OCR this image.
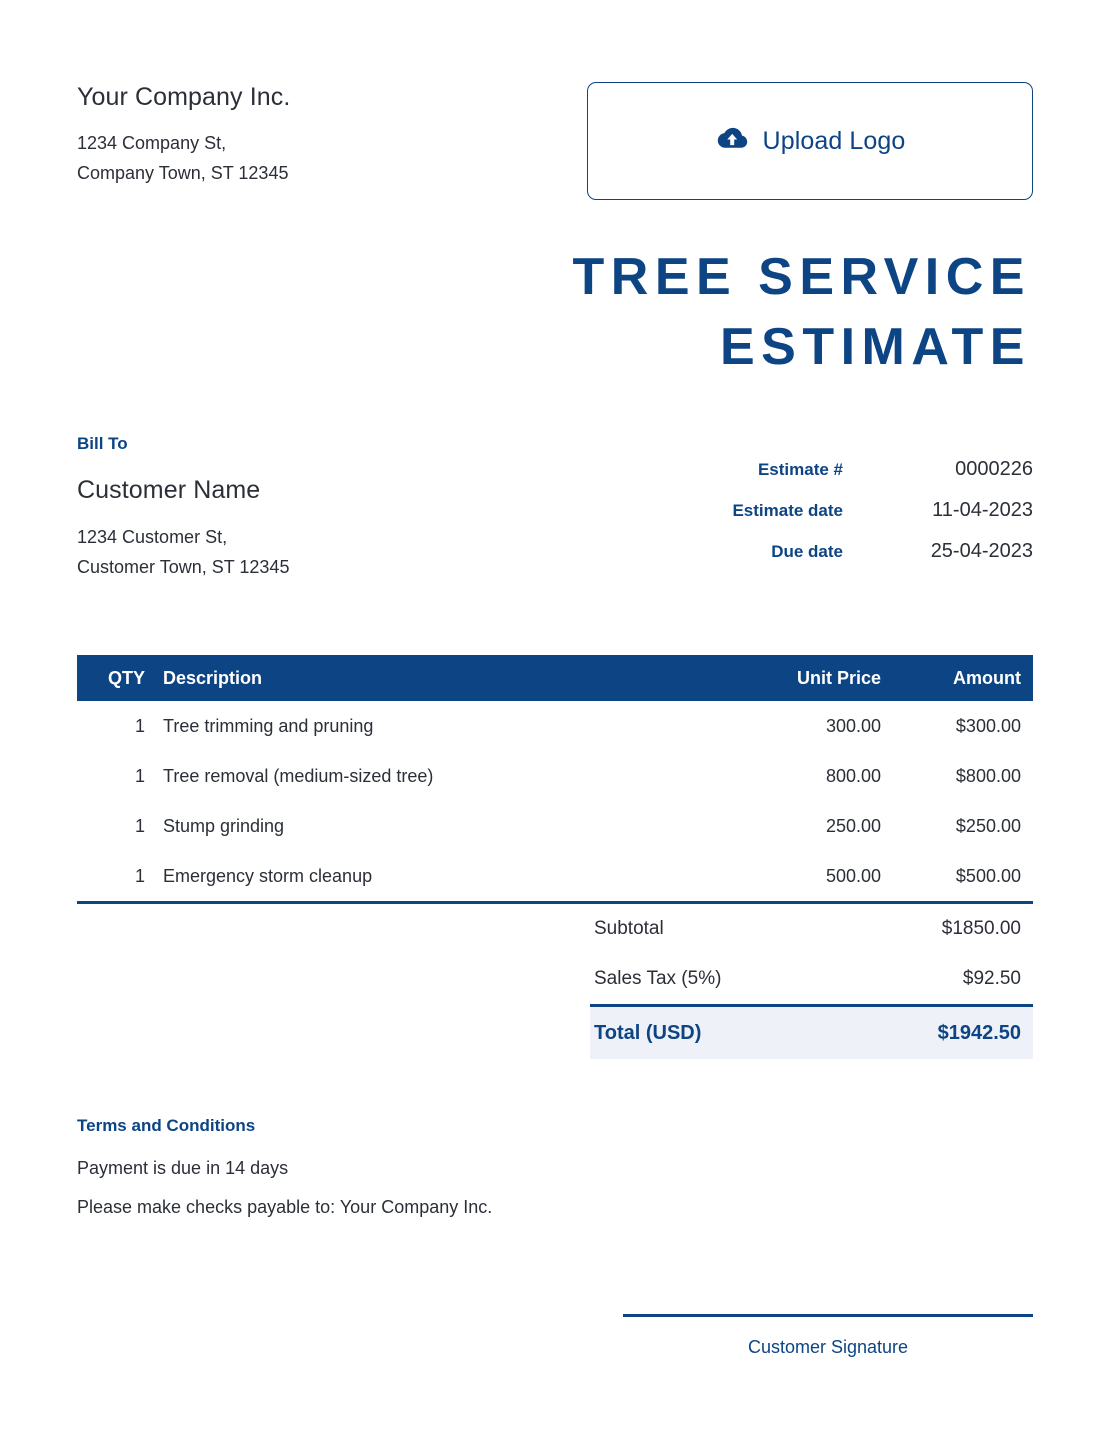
Your Company Inc.
1234 Company St,
Company Town, ST 12345
Upload Logo
TREE SERVICE
ESTIMATE
Bill To
Customer Name
1234 Customer St,
Customer Town, ST 12345
Estimate #	0000226
Estimate date	11-04-2023
Due date	25-04-2023
QTY	Description	Unit Price	Amount
1	Tree trimming and pruning	300.00	$300.00
1	Tree removal (medium-sized tree)	800.00	$800.00
1	Stump grinding	250.00	$250.00
1	Emergency storm cleanup	500.00	$500.00
Subtotal	$1850.00
Sales Tax (5%)	$92.50
Total (USD)	$1942.50
Terms and Conditions
Payment is due in 14 days
Please make checks payable to: Your Company Inc.
Customer Signature
